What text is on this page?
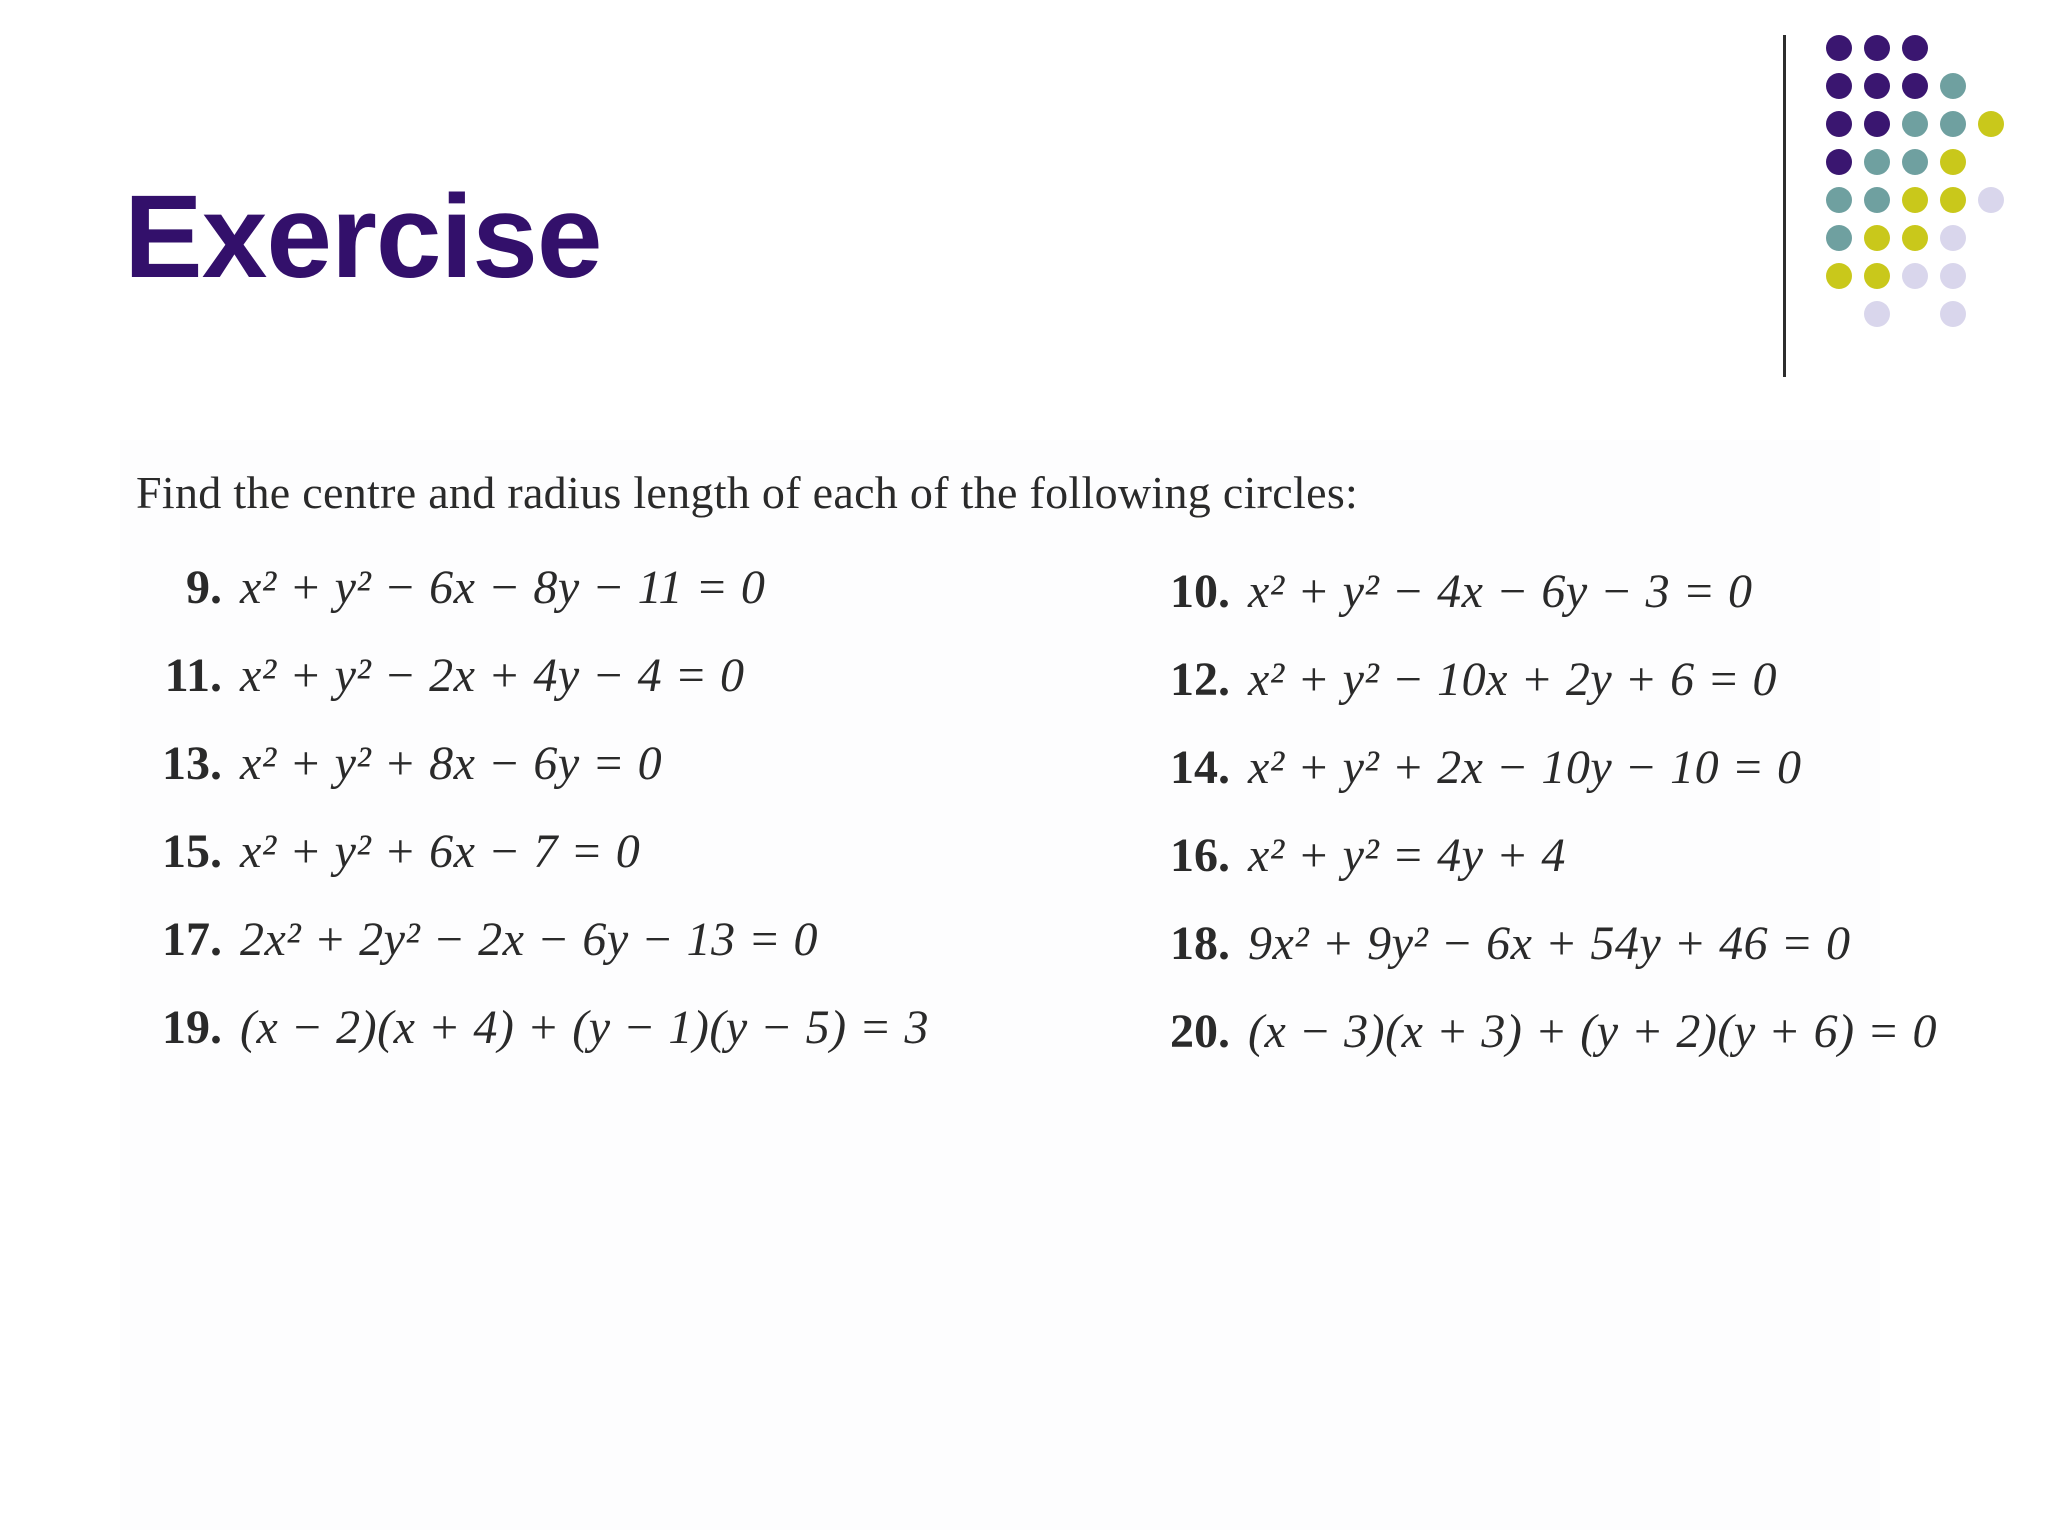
Exercise
Find the centre and radius length of each of the following circles:
9. x² + y² − 6x − 8y − 11 = 0	10. x² + y² − 4x − 6y − 3 = 0
11. x² + y² − 2x + 4y − 4 = 0	12. x² + y² − 10x + 2y + 6 = 0
13. x² + y² + 8x − 6y = 0	14. x² + y² + 2x − 10y − 10 = 0
15. x² + y² + 6x − 7 = 0	16. x² + y² = 4y + 4
17. 2x² + 2y² − 2x − 6y − 13 = 0	18. 9x² + 9y² − 6x + 54y + 46 = 0
19. (x − 2)(x + 4) + (y − 1)(y − 5) = 3	20. (x − 3)(x + 3) + (y + 2)(y + 6) = 0
